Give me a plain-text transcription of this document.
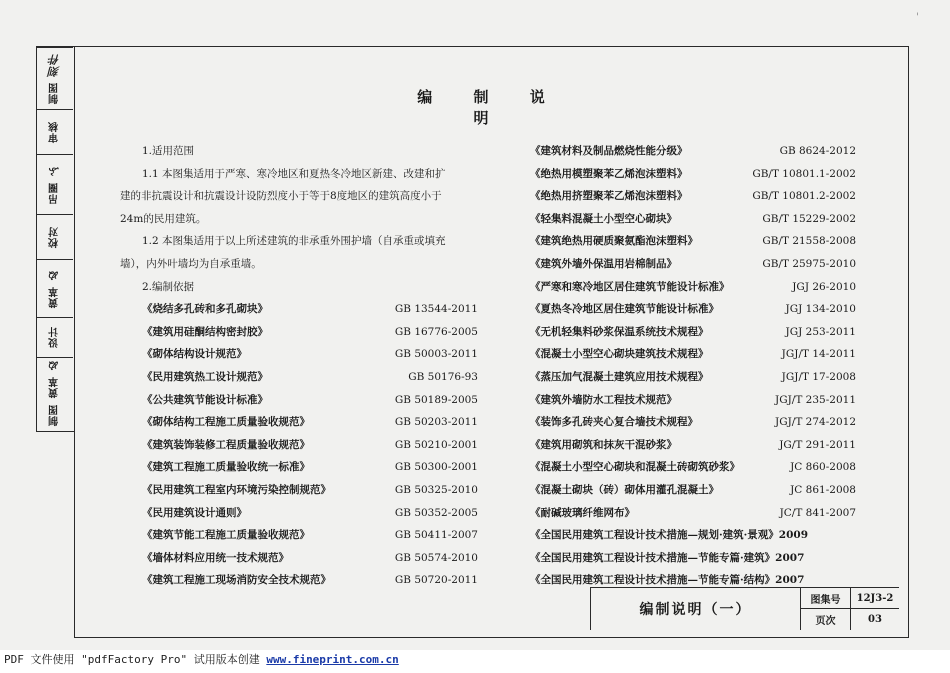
'
制图

刻件
审核
吊圈

ふ
校对
黄革

ぬ
设计
黄革

ぬ
制图
编 制 说 明
1.适用范围
1.1 本图集适用于严寒、寒冷地区和夏热冬冷地区新建、改建和扩
建的非抗震设计和抗震设计设防烈度小于等于8度地区的建筑高度小于
24m的民用建筑。
1.2 本图集适用于以上所述建筑的非承重外围护墙（自承重或填充
墙），内外叶墙均为自承重墙。
2.编制依据
《烧结多孔砖和多孔砌块》	GB 13544-2011
《建筑用硅酮结构密封胶》	GB 16776-2005
《砌体结构设计规范》	GB 50003-2011
《民用建筑热工设计规范》	GB 50176-93
《公共建筑节能设计标准》	GB 50189-2005
《砌体结构工程施工质量验收规范》	GB 50203-2011
《建筑装饰装修工程质量验收规范》	GB 50210-2001
《建筑工程施工质量验收统一标准》	GB 50300-2001
《民用建筑工程室内环境污染控制规范》	GB 50325-2010
《民用建筑设计通则》	GB 50352-2005
《建筑节能工程施工质量验收规范》	GB 50411-2007
《墙体材料应用统一技术规范》	GB 50574-2010
《建筑工程施工现场消防安全技术规范》	GB 50720-2011
《建筑材料及制品燃烧性能分级》	GB 8624-2012
《绝热用模塑聚苯乙烯泡沫塑料》	GB/T 10801.1-2002
《绝热用挤塑聚苯乙烯泡沫塑料》	GB/T 10801.2-2002
《轻集料混凝土小型空心砌块》	GB/T 15229-2002
《建筑绝热用硬质聚氨酯泡沫塑料》	GB/T 21558-2008
《建筑外墙外保温用岩棉制品》	GB/T 25975-2010
《严寒和寒冷地区居住建筑节能设计标准》	JGJ 26-2010
《夏热冬冷地区居住建筑节能设计标准》	JGJ 134-2010
《无机轻集料砂浆保温系统技术规程》	JGJ 253-2011
《混凝土小型空心砌块建筑技术规程》	JGJ/T 14-2011
《蒸压加气混凝土建筑应用技术规程》	JGJ/T 17-2008
《建筑外墙防水工程技术规范》	JGJ/T 235-2011
《装饰多孔砖夹心复合墙技术规程》	JGJ/T 274-2012
《建筑用砌筑和抹灰干混砂浆》	JG/T 291-2011
《混凝土小型空心砌块和混凝土砖砌筑砂浆》	JC 860-2008
《混凝土砌块（砖）砌体用灌孔混凝土》	JC 861-2008
《耐碱玻璃纤维网布》	JC/T 841-2007
《全国民用建筑工程设计技术措施—规划·建筑·景观》2009
《全国民用建筑工程设计技术措施—节能专篇·建筑》2007
《全国民用建筑工程设计技术措施—节能专篇·结构》2007
编制说明（一）
图集号	12J3-2
页次	03
PDF 文件使用 "pdfFactory Pro" 试用版本创建 www.fineprint.com.cn
